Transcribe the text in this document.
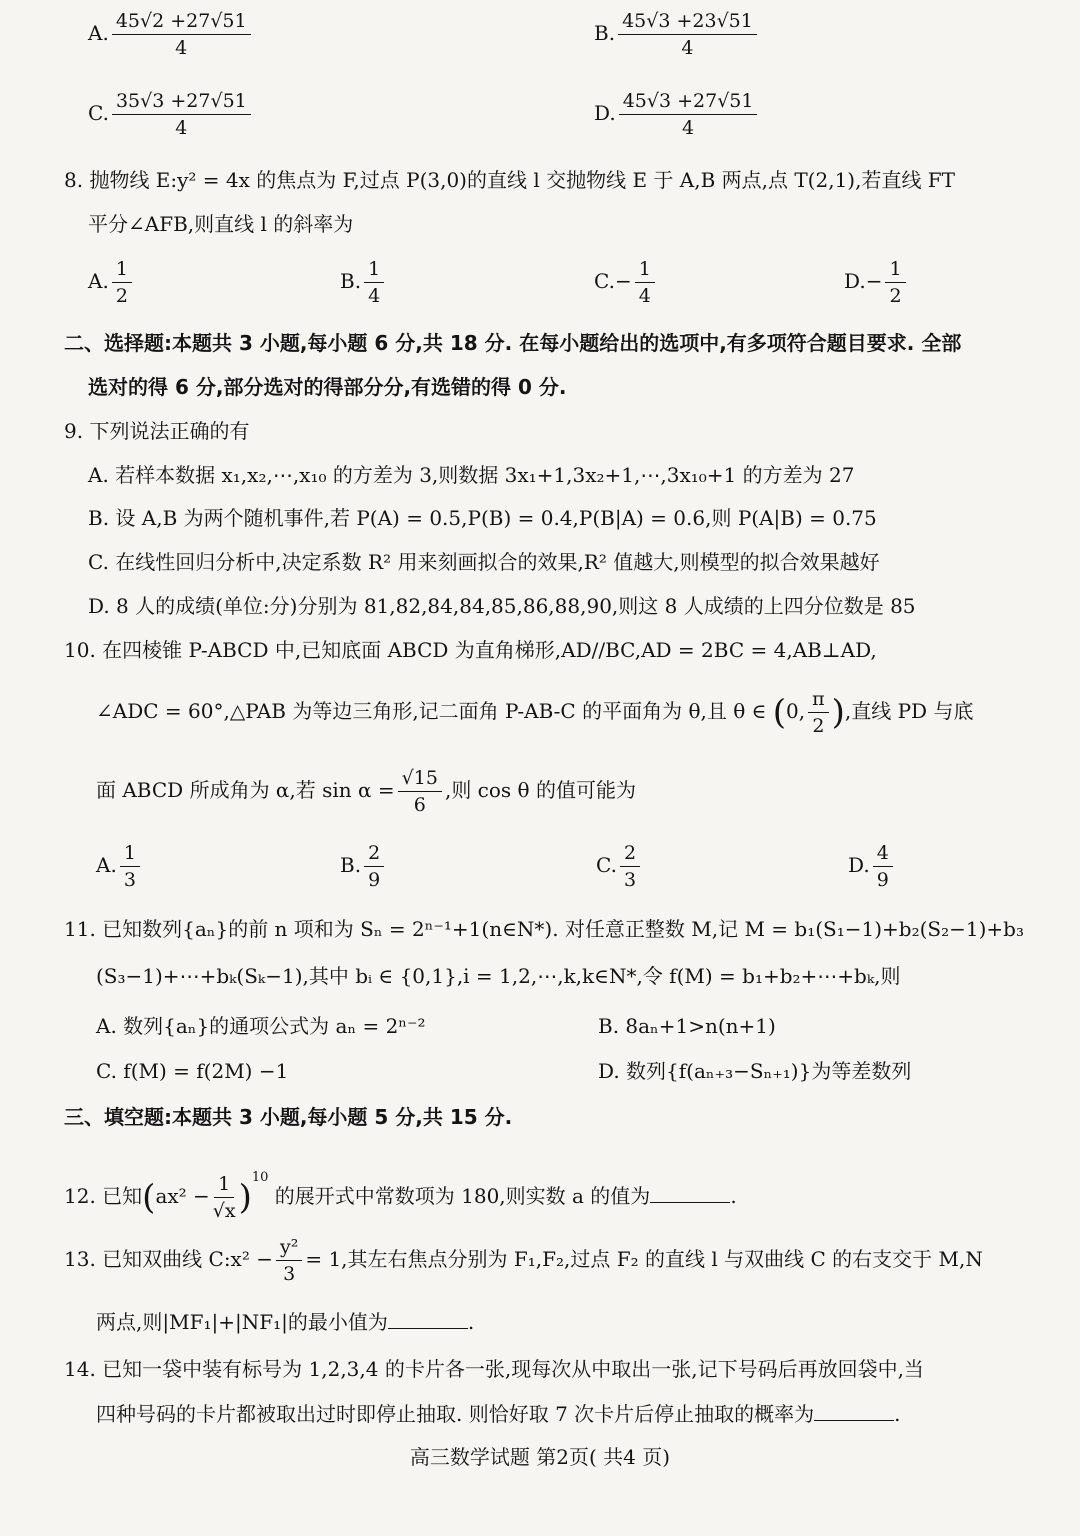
A. $\frac{45√2 +27√51}{4}$	B. $\frac{45√3 +23√51}{4}$
C. $\frac{35√3 +27√51}{4}$	D. $\frac{45√3 +27√51}{4}$
8. 抛物线 E:y² = 4x 的焦点为 F,过点 P(3,0)的直线 l 交抛物线 E 于 A,B 两点,点 T(2,1),若直线 FT
平分∠AFB,则直线 l 的斜率为
A. $\frac{1}{2}$	B. $\frac{1}{4}$	$C.- \frac{1}{4}$	$D.- \frac{1}{2}$
二、选择题:本题共 3 小题,每小题 6 分,共 18 分. 在每小题给出的选项中,有多项符合题目要求. 全部
选对的得 6 分,部分选对的得部分分,有选错的得 0 分.
9. 下列说法正确的有
A. 若样本数据 x₁,x₂,⋯,x₁₀ 的方差为 3,则数据 3x₁+1,3x₂+1,⋯,3x₁₀+1 的方差为 27
B. 设 A,B 为两个随机事件,若 P(A) = 0.5,P(B) = 0.4,P(B|A) = 0.6,则 P(A|B) = 0.75
C. 在线性回归分析中,决定系数 R² 用来刻画拟合的效果,R² 值越大,则模型的拟合效果越好
D. 8 人的成绩(单位:分)分别为 81,82,84,84,85,86,88,90,则这 8 人成绩的上四分位数是 85
10. 在四棱锥 P-ABCD 中,已知底面 ABCD 为直角梯形,AD//BC,AD = 2BC = 4,AB⊥AD,
∠ADC = 60°,△PAB 为等边三角形,记二面角 P-AB-C 的平面角为 θ,且 θ ∈ (0, $\frac{\pi}{2}$ ),直线 PD 与底
面 ABCD 所成角为 α,若 $\sin \alpha = \frac{√15}{6}$ ,则 cos θ 的值可能为
A. $\frac{1}{3}$	B. $\frac{2}{9}$	C. $\frac{2}{3}$	D. $\frac{4}{9}$
11. 已知数列{aₙ}的前 n 项和为 Sₙ = 2ⁿ⁻¹+1(n∈N*). 对任意正整数 M,记 M = b₁(S₁−1)+b₂(S₂−1)+b₃
(S₃−1)+⋯+bₖ(Sₖ−1),其中 bᵢ ∈ {0,1},i = 1,2,⋯,k,k∈N*,令 f(M) = b₁+b₂+⋯+bₖ,则
A. 数列{aₙ}的通项公式为 aₙ = 2ⁿ⁻²	B. 8aₙ+1>n(n+1)
C. f(M) = f(2M) −1	D. 数列{f(aₙ₊₃−Sₙ₊₁)}为等差数列
三、填空题:本题共 3 小题,每小题 5 分,共 15 分.
12. 已知$(ax^2 - \frac{1}{√x} )^{10}$ 的展开式中常数项为 180,则实数 a 的值为	.
13. 已知双曲线 C:x² − $\frac{\text{y²}}{3} = 1$,其左右焦点分别为 F₁,F₂,过点 F₂ 的直线 l 与双曲线 C 的右支交于 M,N
两点,则|MF₁|+|NF₁|的最小值为	.
14. 已知一袋中装有标号为 1,2,3,4 的卡片各一张,现每次从中取出一张,记下号码后再放回袋中,当
四种号码的卡片都被取出过时即停止抽取. 则恰好取 7 次卡片后停止抽取的概率为	.
高三数学试题 第2页( 共4 页)
